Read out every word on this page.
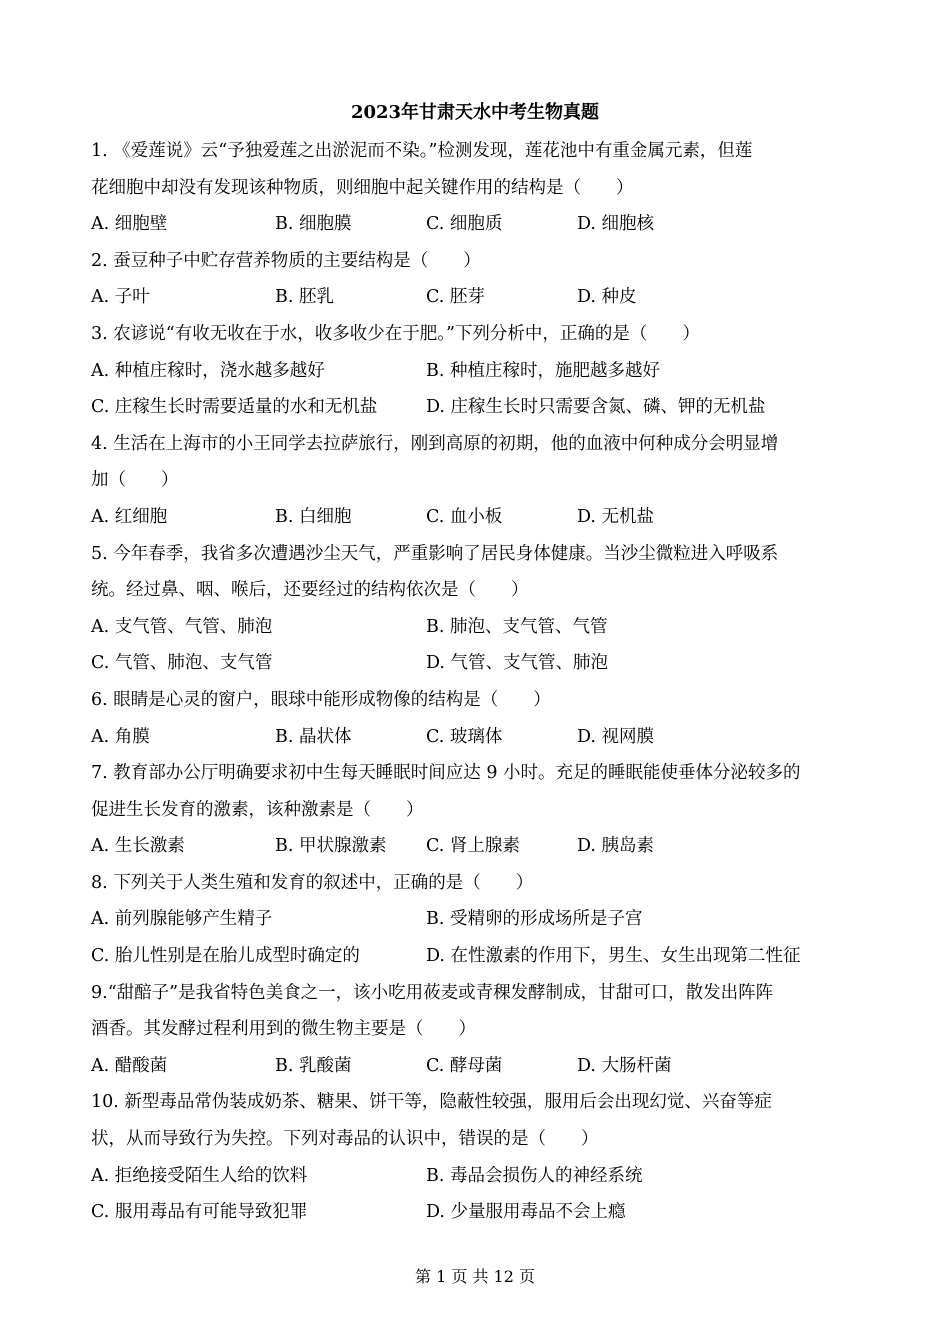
2023年甘肃天水中考生物真题
1. 《爱莲说》云“予独爱莲之出淤泥而不染。”检测发现，莲花池中有重金属元素，但莲
花细胞中却没有发现该种物质，则细胞中起关键作用的结构是（　　）
A. 细胞壁	B. 细胞膜	C. 细胞质	D. 细胞核
2. 蚕豆种子中贮存营养物质的主要结构是（　　）
A. 子叶	B. 胚乳	C. 胚芽	D. 种皮
3. 农谚说“有收无收在于水，收多收少在于肥。”下列分析中，正确的是（　　）
A. 种植庄稼时，浇水越多越好	B. 种植庄稼时，施肥越多越好
C. 庄稼生长时需要适量的水和无机盐	D. 庄稼生长时只需要含氮、磷、钾的无机盐
4. 生活在上海市的小王同学去拉萨旅行，刚到高原的初期，他的血液中何种成分会明显增
加（　　）
A. 红细胞	B. 白细胞	C. 血小板	D. 无机盐
5. 今年春季，我省多次遭遇沙尘天气，严重影响了居民身体健康。当沙尘微粒进入呼吸系
统。经过鼻、咽、喉后，还要经过的结构依次是（　　）
A. 支气管、气管、肺泡	B. 肺泡、支气管、气管
C. 气管、肺泡、支气管	D. 气管、支气管、肺泡
6. 眼睛是心灵的窗户，眼球中能形成物像的结构是（　　）
A. 角膜	B. 晶状体	C. 玻璃体	D. 视网膜
7. 教育部办公厅明确要求初中生每天睡眠时间应达 9 小时。充足的睡眠能使垂体分泌较多的
促进生长发育的激素，该种激素是（　　）
A. 生长激素	B. 甲状腺激素 C. 肾上腺素	D. 胰岛素
8. 下列关于人类生殖和发育的叙述中，正确的是（　　）
A. 前列腺能够产生精子	B. 受精卵的形成场所是子宫
C. 胎儿性别是在胎儿成型时确定的	D. 在性激素的作用下，男生、女生出现第二性征
9.“甜醅子”是我省特色美食之一，该小吃用莜麦或青稞发酵制成，甘甜可口，散发出阵阵
酒香。其发酵过程利用到的微生物主要是（　　）
A. 醋酸菌	B. 乳酸菌	C. 酵母菌	D. 大肠杆菌
10. 新型毒品常伪装成奶茶、糖果、饼干等，隐蔽性较强，服用后会出现幻觉、兴奋等症
状，从而导致行为失控。下列对毒品的认识中，错误的是（　　）
A. 拒绝接受陌生人给的饮料	B. 毒品会损伤人的神经系统
C. 服用毒品有可能导致犯罪	D. 少量服用毒品不会上瘾
第 1 页 共 12 页
